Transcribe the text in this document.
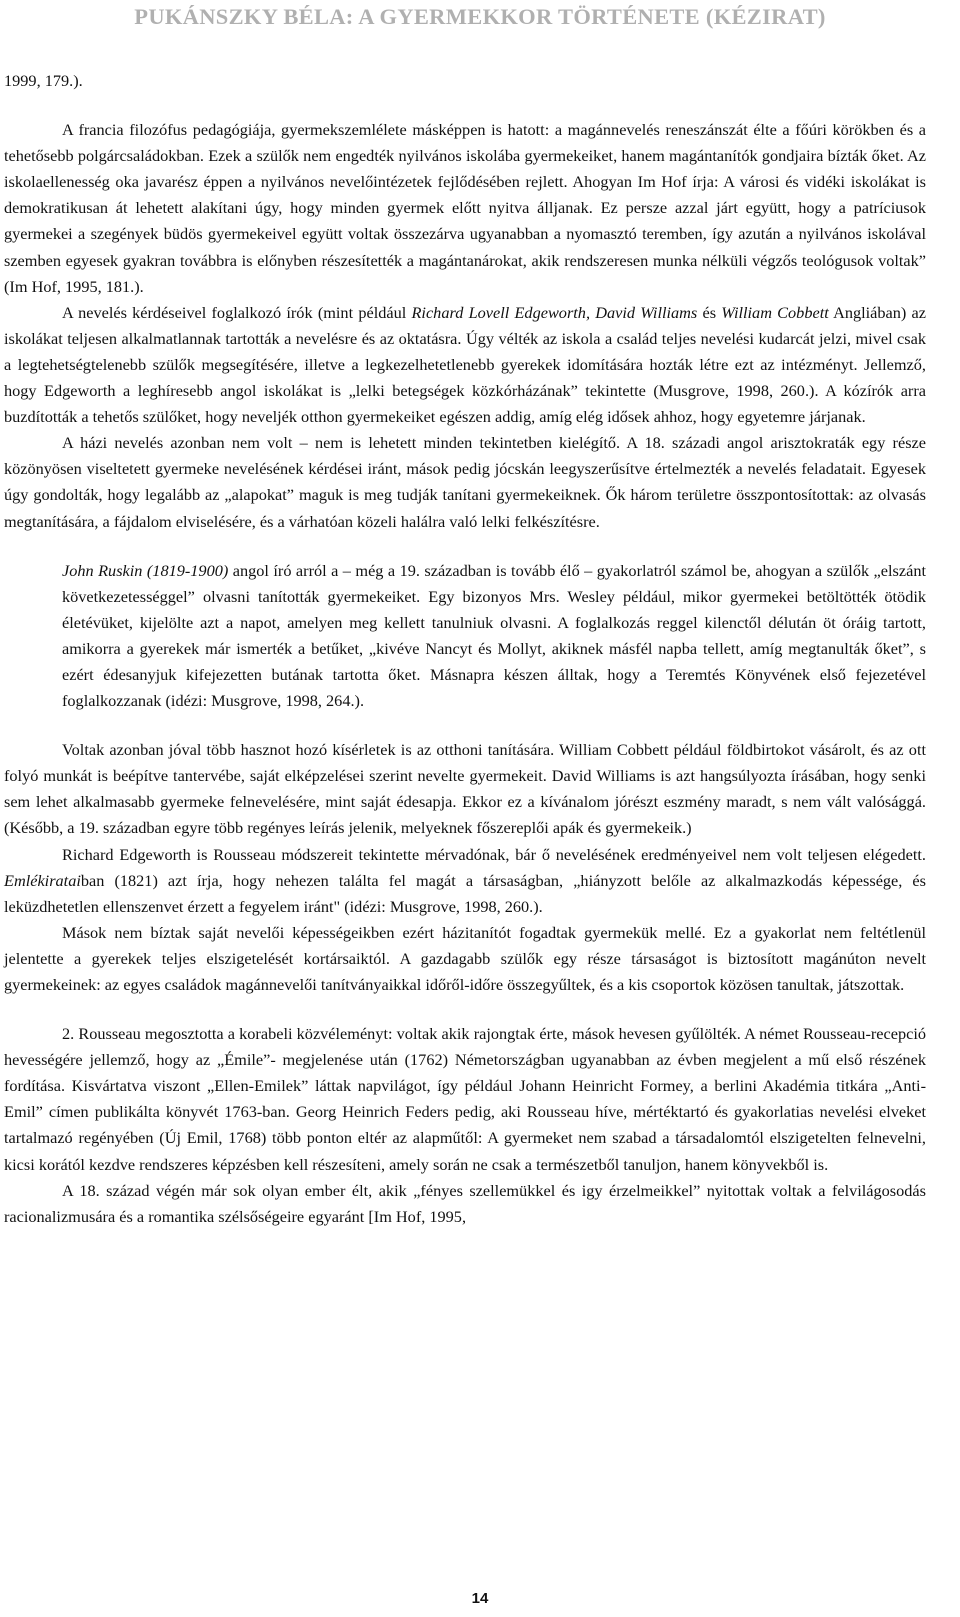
PUKÁNSZKY BÉLA: A GYERMEKKOR TÖRTÉNETE (KÉZIRAT)

1999, 179.).

A francia filozófus pedagógiája, gyermekszemlélete másképpen is hatott: a magánnevelés reneszánszát élte a főúri körökben és a tehetősebb polgárcsaládokban. Ezek a szülők nem engedték nyilvános iskolába gyermekeiket, hanem magántanítók gondjaira bízták őket. Az iskolaellenesség oka javarész éppen a nyilvános nevelőintézetek fejlődésében rejlett. Ahogyan Im Hof írja: A városi és vidéki iskolákat is demokratikusan át lehetett alakítani úgy, hogy minden gyermek előtt nyitva álljanak. Ez persze azzal járt együtt, hogy a patríciusok gyermekei a szegények büdös gyermekeivel együtt voltak összezárva ugyanabban a nyomasztó teremben, így azután a nyilvános iskolával szemben egyesek gyakran továbbra is előnyben részesítették a magántanárokat, akik rendszeresen munka nélküli végzős teológusok voltak” (Im Hof, 1995, 181.).

A nevelés kérdéseivel foglalkozó írók (mint például Richard Lovell Edgeworth, David Williams és William Cobbett Angliában) az iskolákat teljesen alkalmatlannak tartották a nevelésre és az oktatásra. Úgy vélték az iskola a család teljes nevelési kudarcát jelzi, mivel csak a legtehetségtelenebb szülők megsegítésére, illetve a legkezelhetetlenebb gyerekek idomítására hozták létre ezt az intézményt. Jellemző, hogy Edgeworth a leghíresebb angol iskolákat is „lelki betegségek közkórházának” tekintette (Musgrove, 1998, 260.). A kózírók arra buzdították a tehetős szülőket, hogy neveljék otthon gyermekeiket egészen addig, amíg elég idősek ahhoz, hogy egyetemre járjanak.

A házi nevelés azonban nem volt – nem is lehetett minden tekintetben kielégítő. A 18. századi angol arisztokraták egy része közönyösen viseltetett gyermeke nevelésének kérdései iránt, mások pedig jócskán leegyszerűsítve értelmezték a nevelés feladatait. Egyesek úgy gondolták, hogy legalább az „alapokat” maguk is meg tudják tanítani gyermekeiknek. Ők három területre összpontosítottak: az olvasás megtanítására, a fájdalom elviselésére, és a várhatóan közeli halálra való lelki felkészítésre.

John Ruskin (1819-1900) angol író arról a – még a 19. században is tovább élő – gyakorlatról számol be, ahogyan a szülők „elszánt következetességgel” olvasni tanították gyermekeiket. Egy bizonyos Mrs. Wesley például, mikor gyermekei betöltötték ötödik életévüket, kijelölte azt a napot, amelyen meg kellett tanulniuk olvasni. A foglalkozás reggel kilenctől délután öt óráig tartott, amikorra a gyerekek már ismerték a betűket, „kivéve Nancyt és Mollyt, akiknek másfél napba tellett, amíg megtanulták őket”, s ezért édesanyjuk kifejezetten butának tartotta őket. Másnapra készen álltak, hogy a Teremtés Könyvének első fejezetével foglalkozzanak (idézi: Musgrove, 1998, 264.).

Voltak azonban jóval több hasznot hozó kísérletek is az otthoni tanítására. William Cobbett például földbirtokot vásárolt, és az ott folyó munkát is beépítve tantervébe, saját elképzelései szerint nevelte gyermekeit. David Williams is azt hangsúlyozta írásában, hogy senki sem lehet alkalmasabb gyermeke felnevelésére, mint saját édesapja. Ekkor ez a kívánalom jórészt eszmény maradt, s nem vált valósággá. (Később, a 19. században egyre több regényes leírás jelenik, melyeknek főszereplői apák és gyermekeik.)

Richard Edgeworth is Rousseau módszereit tekintette mérvadónak, bár ő nevelésének eredményeivel nem volt teljesen elégedett. Emlékirataiban (1821) azt írja, hogy nehezen találta fel magát a társaságban, „hiányzott belőle az alkalmazkodás képessége, és leküzdhetetlen ellenszenvet érzett a fegyelem iránt" (idézi: Musgrove, 1998, 260.).

Mások nem bíztak saját nevelői képességeikben ezért házitanítót fogadtak gyermekük mellé. Ez a gyakorlat nem feltétlenül jelentette a gyerekek teljes elszigetelését kortársaiktól. A gazdagabb szülők egy része társaságot is biztosított magánúton nevelt gyermekeinek: az egyes családok magánnevelői tanítványaikkal időről-időre összegyűltek, és a kis csoportok közösen tanultak, játszottak.

2. Rousseau megosztotta a korabeli közvéleményt: voltak akik rajongtak érte, mások hevesen gyűlölték. A német Rousseau-recepció hevességére jellemző, hogy az „Émile”- megjelenése után (1762) Németországban ugyanabban az évben megjelent a mű első részének fordítása. Kisvártatva viszont „Ellen-Emilek” láttak napvilágot, így például Johann Heinricht Formey, a berlini Akadémia titkára „Anti-Emil” címen publikálta könyvét 1763-ban. Georg Heinrich Feders pedig, aki Rousseau híve, mértéktartó és gyakorlatias nevelési elveket tartalmazó regényében (Új Emil, 1768) több ponton eltér az alapműtől: A gyermeket nem szabad a társadalomtól elszigetelten felnevelni, kicsi korától kezdve rendszeres képzésben kell részesíteni, amely során ne csak a természetből tanuljon, hanem könyvekből is.

A 18. század végén már sok olyan ember élt, akik „fényes szellemükkel és igy érzelmeikkel” nyitottak voltak a felvilágosodás racionalizmusára és a romantika szélsőségeire egyaránt [Im Hof, 1995,

14
